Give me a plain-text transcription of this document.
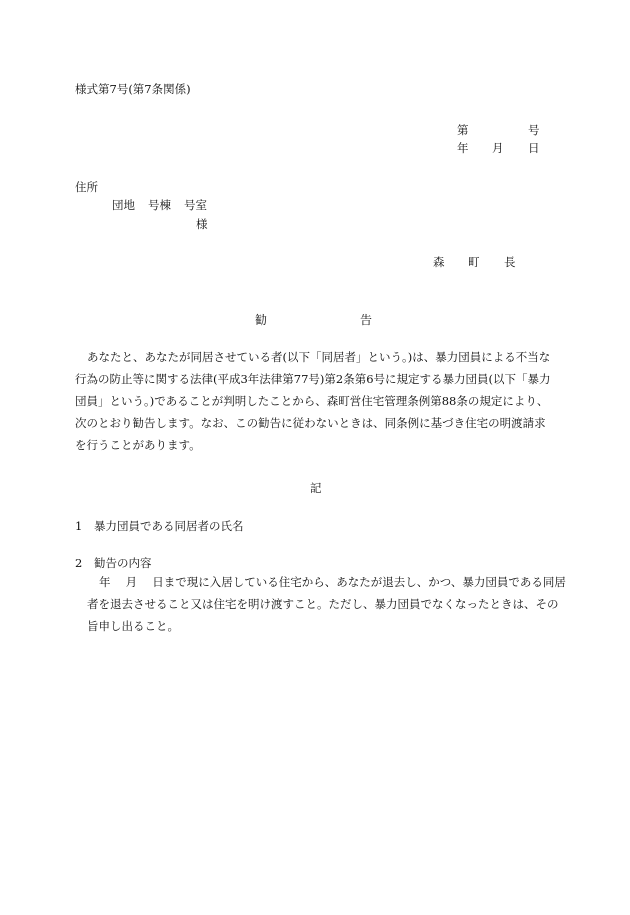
様式第7号(第7条関係)
第	号
年 月 日
住所
団地 号棟 号室
様
森 町 長
勧	告
あなたと、あなたが同居させている者(以下「同居者」という。)は、暴力団員による不当な行為の防止等に関する法律(平成3年法律第77号)第2条第6号に規定する暴力団員(以下「暴力団員」という。)であることが判明したことから、森町営住宅管理条例第88条の規定により、次のとおり勧告します。なお、この勧告に従わないときは、同条例に基づき住宅の明渡請求を行うことがあります。
記
1 暴力団員である同居者の氏名
2 勧告の内容
年　 月　 日まで現に入居している住宅から、あなたが退去し、かつ、暴力団員である同居者を退去させること又は住宅を明け渡すこと。ただし、暴力団員でなくなったときは、その旨申し出ること。
